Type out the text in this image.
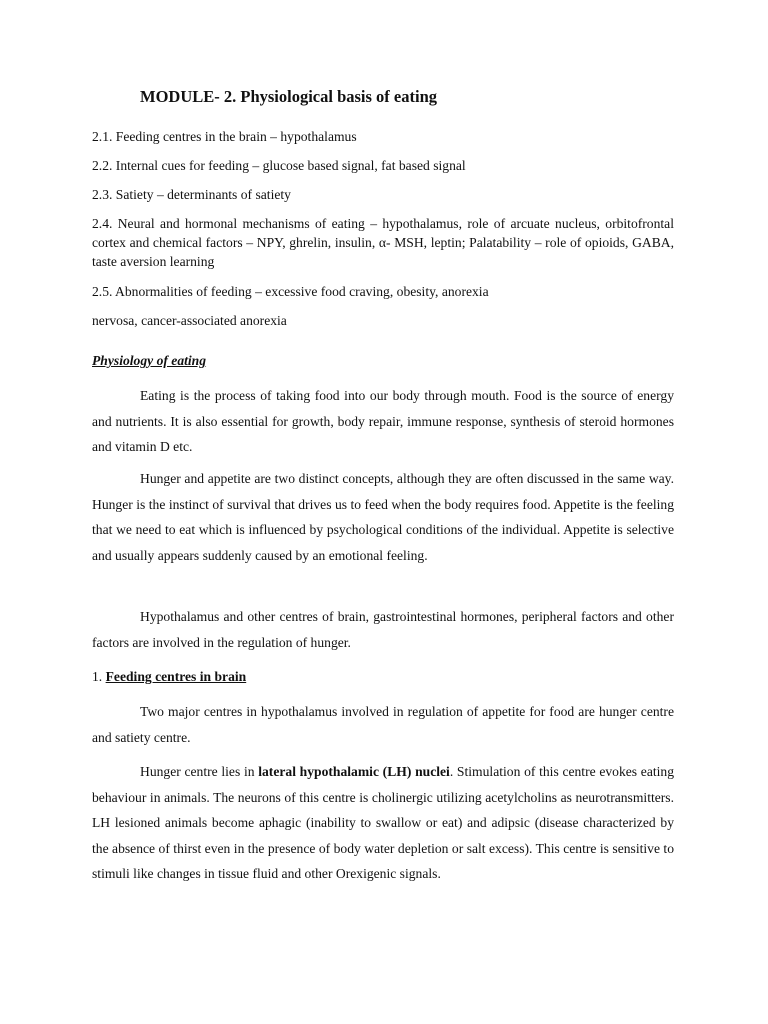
MODULE- 2. Physiological basis of eating

2.1. Feeding centres in the brain – hypothalamus

2.2. Internal cues for feeding – glucose based signal, fat based signal

2.3. Satiety – determinants of satiety

2.4. Neural and hormonal mechanisms of eating – hypothalamus, role of arcuate nucleus, orbitofrontal cortex and chemical factors – NPY, ghrelin, insulin, α- MSH, leptin; Palatability – role of opioids, GABA, taste aversion learning

2.5. Abnormalities of feeding – excessive food craving, obesity, anorexia

nervosa, cancer-associated anorexia

Physiology of eating

Eating is the process of taking food into our body through mouth. Food is the source of energy and nutrients. It is also essential for growth, body repair, immune response, synthesis of steroid hormones and vitamin D etc.

Hunger and appetite are two distinct concepts, although they are often discussed in the same way. Hunger is the instinct of survival that drives us to feed when the body requires food. Appetite is the feeling that we need to eat which is influenced by psychological conditions of the individual. Appetite is selective and usually appears suddenly caused by an emotional feeling.

Hypothalamus and other centres of brain, gastrointestinal hormones, peripheral factors and other factors are involved in the regulation of hunger.

1. Feeding centres in brain

Two major centres in hypothalamus involved in regulation of appetite for food are hunger centre and satiety centre.

Hunger centre lies in lateral hypothalamic (LH) nuclei. Stimulation of this centre evokes eating behaviour in animals. The neurons of this centre is cholinergic utilizing acetylcholins as neurotransmitters. LH lesioned animals become aphagic (inability to swallow or eat) and adipsic (disease characterized by the absence of thirst even in the presence of body water depletion or salt excess). This centre is sensitive to stimuli like changes in tissue fluid and other Orexigenic signals.
